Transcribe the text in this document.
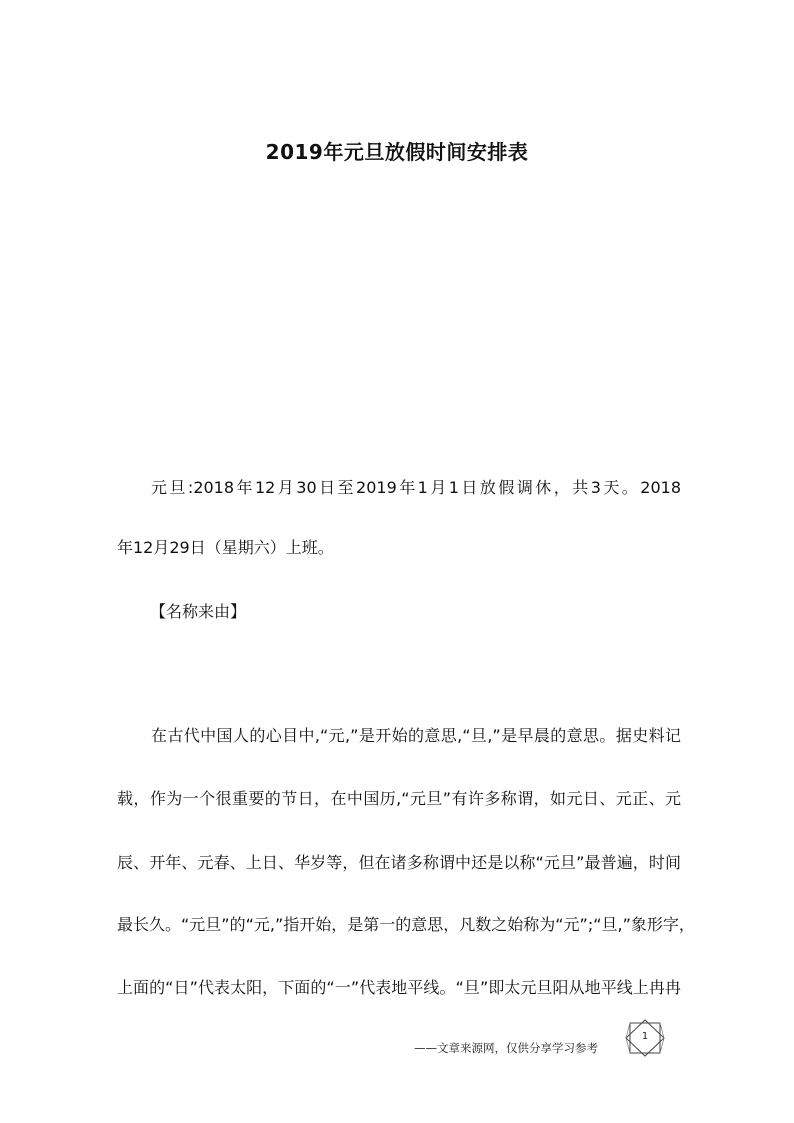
2019年元旦放假时间安排表

元旦:2018年12月30日至2019年1月1日放假调休，共3天。2018

年12月29日（星期六）上班。

【名称来由】

在古代中国人的心目中,“元,”是开始的意思,“旦,”是早晨的意思。据史料记

载，作为一个很重要的节日，在中国历,“元旦”有许多称谓，如元日、元正、元

辰、开年、元春、上日、华岁等，但在诸多称谓中还是以称“元旦”最普遍，时间

最长久。“元旦”的“元,”指开始，是第一的意思，凡数之始称为“元”;“旦,”象形字，

上面的“日”代表太阳，下面的“一”代表地平线。“旦”即太元旦阳从地平线上冉冉

——文章来源网，仅供分享学习参考
1
